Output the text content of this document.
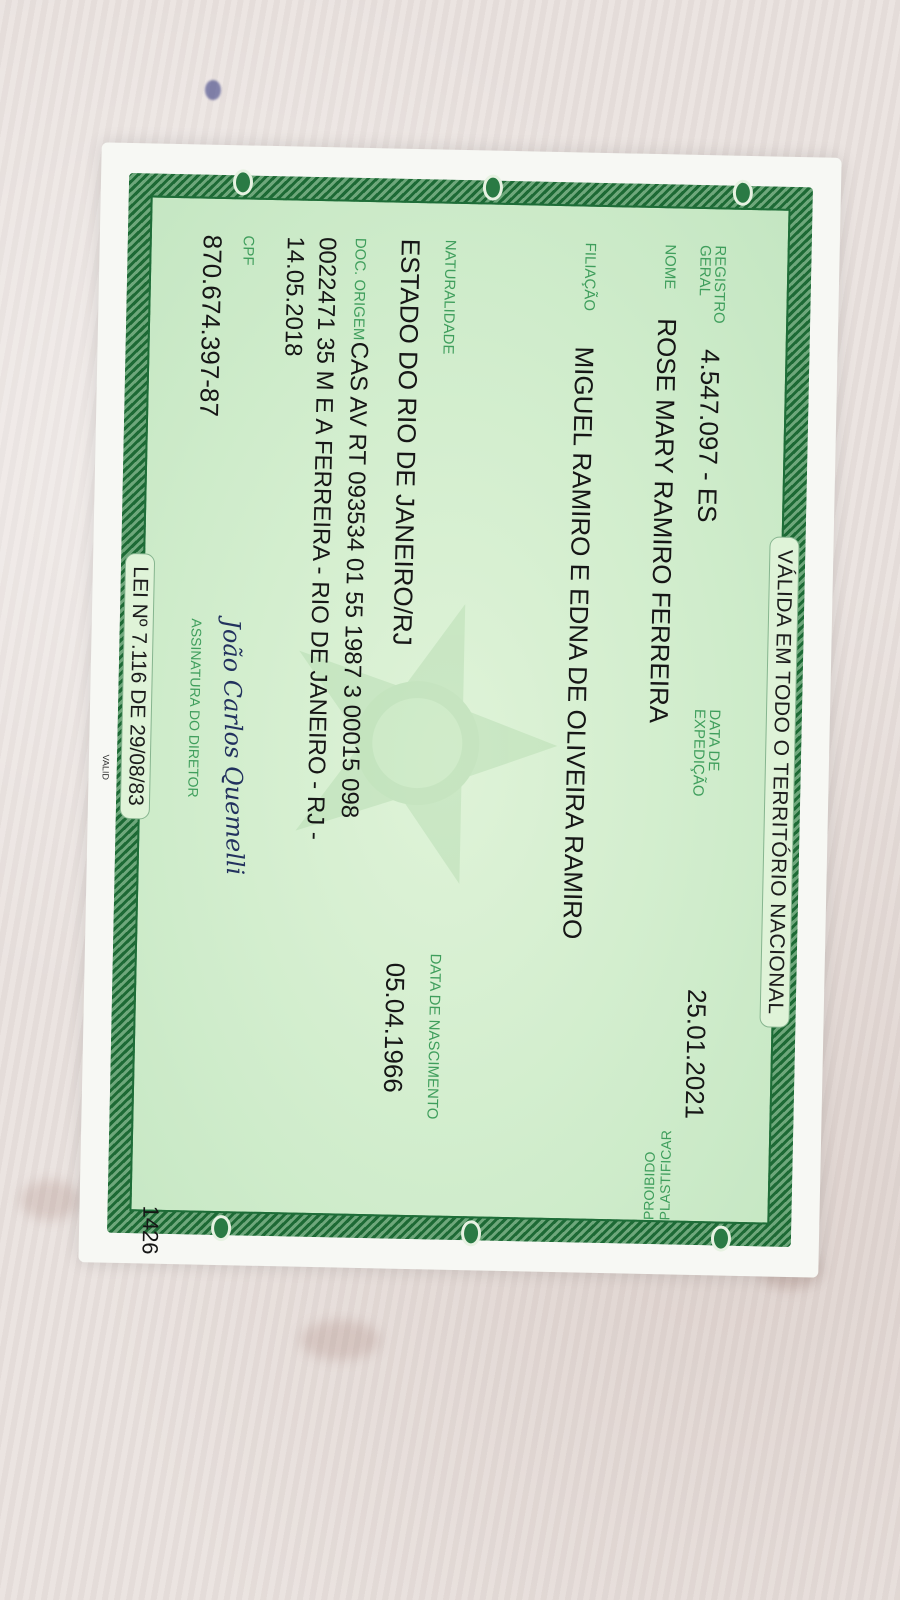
REGISTRO GERAL
4.547.097 - ES
DATA DE EXPEDIÇÃO
25.01.2021
NOME
ROSE MARY RAMIRO FERREIRA
FILIAÇÃO
MIGUEL RAMIRO E EDNA DE OLIVEIRA RAMIRO
NATURALIDADE
DATA DE NASCIMENTO
ESTADO DO RIO DE JANEIRO/RJ
05.04.1966
DOC. ORIGEM
CAS AV RT 093534 01 55 1987 3 00015 098
0022471 35 M E A FERREIRA - RIO DE JANEIRO - RJ -
14.05.2018
CPF
870.674.397-87
João Carlos Quemelli
ASSINATURA DO DIRETOR
PROIBIDO PLASTIFICAR
1426
VÁLIDA EM TODO O TERRITÓRIO NACIONAL
LEI Nº 7.116 DE 29/08/83
VALID
